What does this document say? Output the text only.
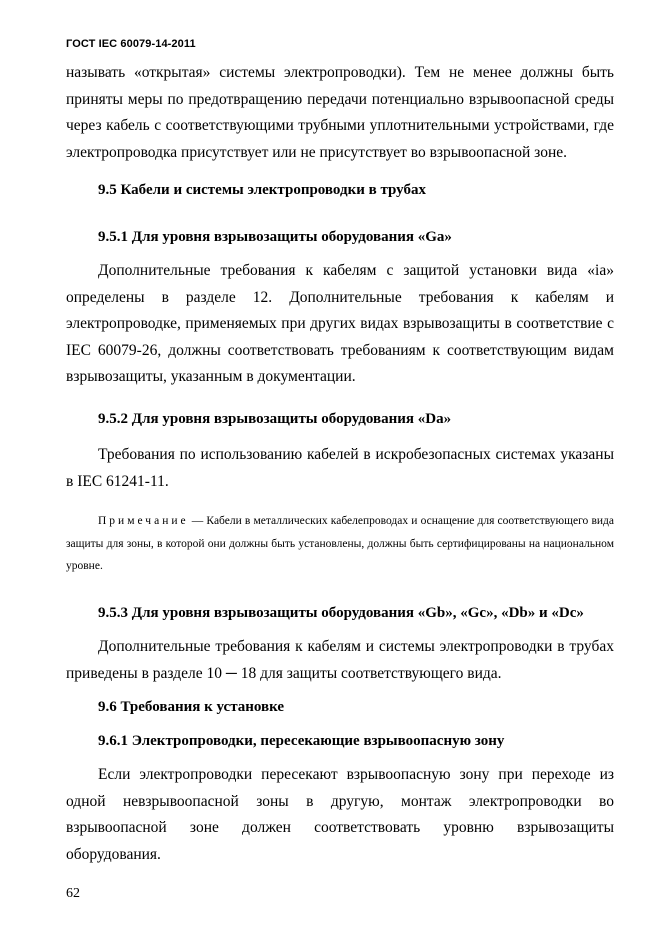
ГОСТ IEC 60079-14-2011
называть «открытая» системы электропроводки). Тем не менее должны быть приняты меры по предотвращению передачи потенциально взрывоопасной среды через кабель с соответствующими трубными уплотнительными устройствами, где электропроводка присутствует или не присутствует во взрывоопасной зоне.
9.5 Кабели и системы электропроводки в трубах
9.5.1 Для уровня взрывозащиты оборудования «Ga»
Дополнительные требования к кабелям с защитой установки вида «ia» определены в разделе 12. Дополнительные требования к кабелям и электропроводке, применяемых при других видах взрывозащиты в соответствие с IEC 60079-26, должны соответствовать требованиям к соответствующим видам взрывозащиты, указанным в документации.
9.5.2 Для уровня взрывозащиты оборудования «Da»
Требования по использованию кабелей в искробезопасных системах указаны в IEC 61241-11.
Примечание — Кабели в металлических кабелепроводах и оснащение для соответствующего вида защиты для зоны, в которой они должны быть установлены, должны быть сертифицированы на национальном уровне.
9.5.3 Для уровня взрывозащиты оборудования «Gb», «Gc», «Db» и «Dc»
Дополнительные требования к кабелям и системы электропроводки в трубах приведены в разделе 10 ─ 18 для защиты соответствующего вида.
9.6 Требования к установке
9.6.1 Электропроводки, пересекающие взрывоопасную зону
Если электропроводки пересекают взрывоопасную зону при переходе из одной невзрывоопасной зоны в другую, монтаж электропроводки во взрывоопасной зоне должен соответствовать уровню взрывозащиты оборудования.
62
